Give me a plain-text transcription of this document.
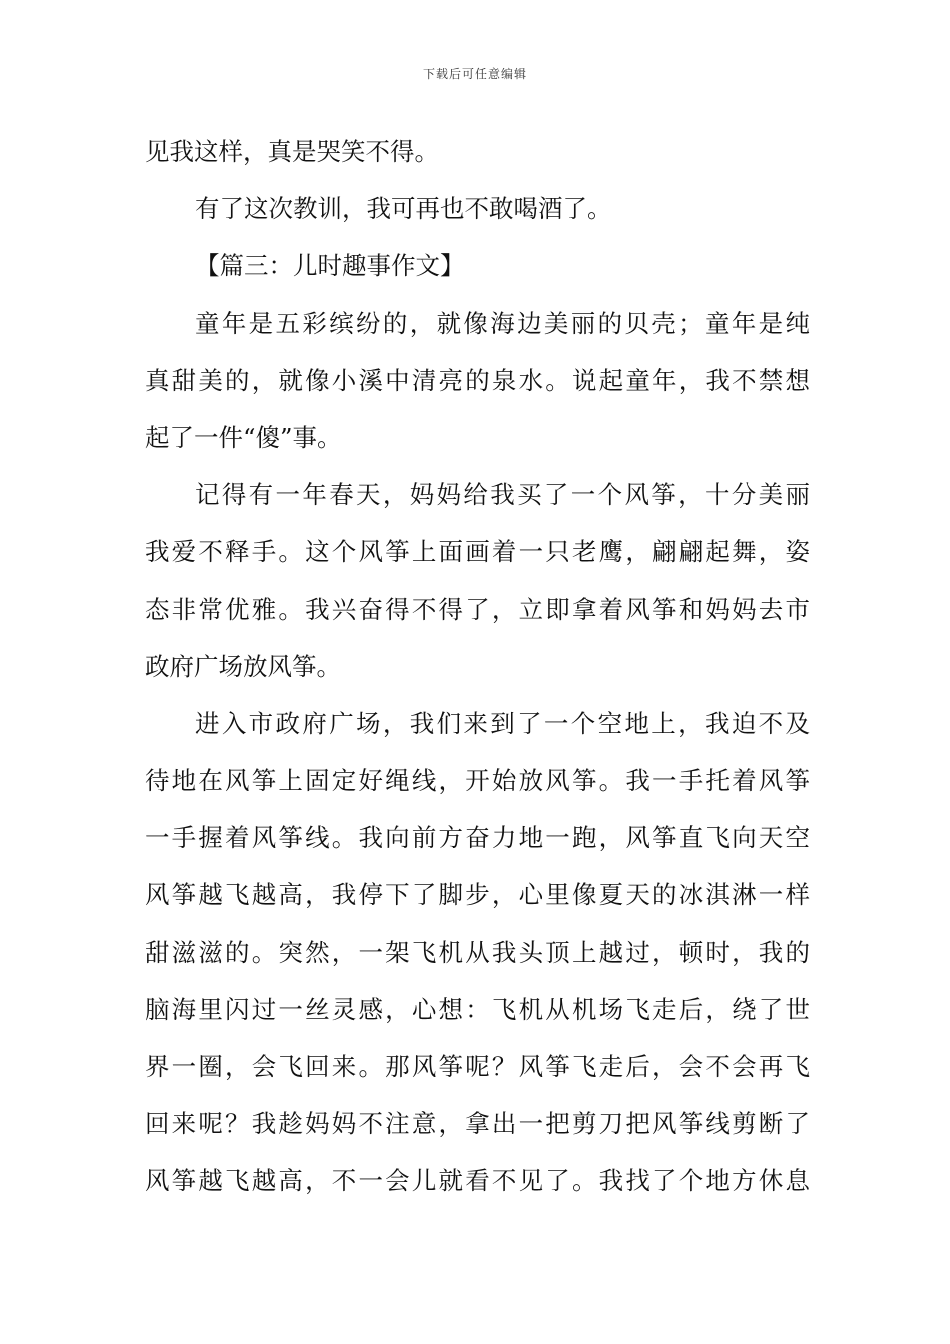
下载后可任意编辑
见我这样，真是哭笑不得。
有了这次教训，我可再也不敢喝酒了。
【篇三：儿时趣事作文】
童年是五彩缤纷的，就像海边美丽的贝壳；童年是纯
真甜美的，就像小溪中清亮的泉水。说起童年，我不禁想
起了一件“傻”事。
记得有一年春天，妈妈给我买了一个风筝，十分美丽
我爱不释手。这个风筝上面画着一只老鹰，翩翩起舞，姿
态非常优雅。我兴奋得不得了，立即拿着风筝和妈妈去市
政府广场放风筝。
进入市政府广场，我们来到了一个空地上，我迫不及
待地在风筝上固定好绳线，开始放风筝。我一手托着风筝
一手握着风筝线。我向前方奋力地一跑，风筝直飞向天空
风筝越飞越高，我停下了脚步，心里像夏天的冰淇淋一样
甜滋滋的。突然，一架飞机从我头顶上越过，顿时，我的
脑海里闪过一丝灵感，心想：飞机从机场飞走后，绕了世
界一圈，会飞回来。那风筝呢？风筝飞走后，会不会再飞
回来呢？我趁妈妈不注意，拿出一把剪刀把风筝线剪断了
风筝越飞越高，不一会儿就看不见了。我找了个地方休息
